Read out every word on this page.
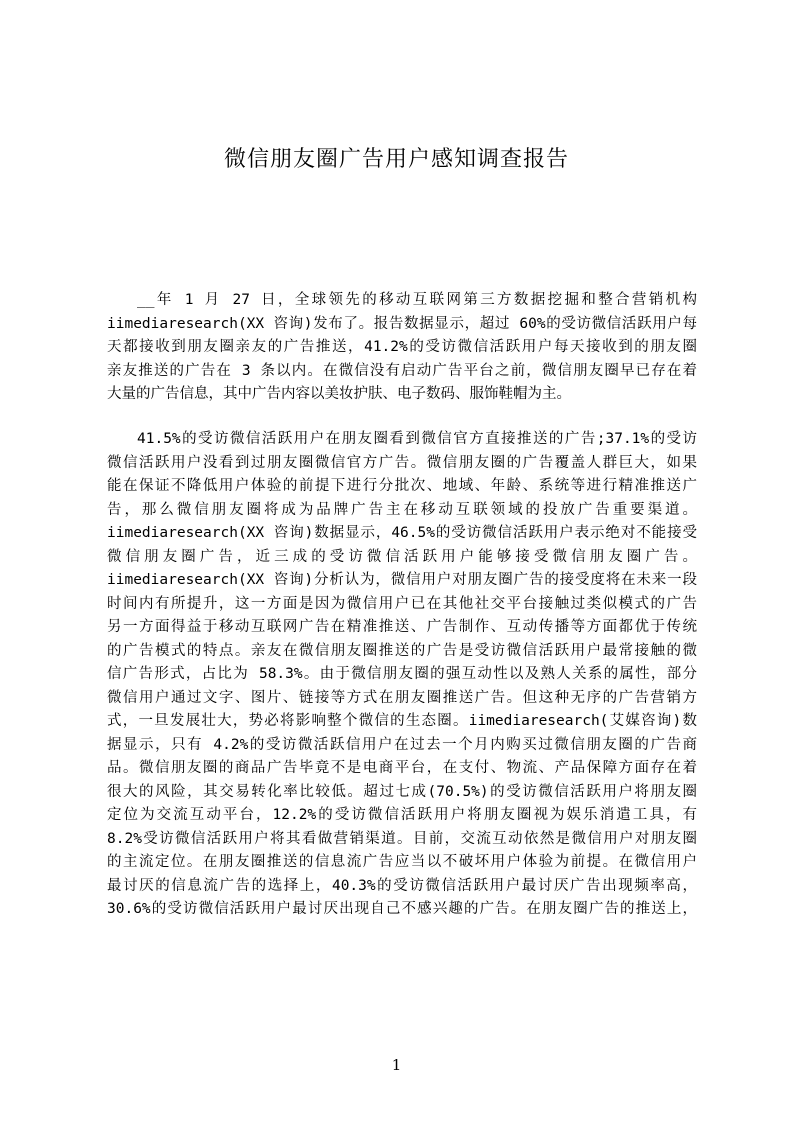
微信朋友圈广告用户感知调查报告
__年 1 月 27 日，全球领先的移动互联网第三方数据挖掘和整合营销机构
iimediaresearch(XX 咨询)发布了。报告数据显示，超过 60%的受访微信活跃用户每
天都接收到朋友圈亲友的广告推送，41.2%的受访微信活跃用户每天接收到的朋友圈
亲友推送的广告在 3 条以内。在微信没有启动广告平台之前，微信朋友圈早已存在着
大量的广告信息，其中广告内容以美妆护肤、电子数码、服饰鞋帽为主。
41.5%的受访微信活跃用户在朋友圈看到微信官方直接推送的广告;37.1%的受访
微信活跃用户没看到过朋友圈微信官方广告。微信朋友圈的广告覆盖人群巨大，如果
能在保证不降低用户体验的前提下进行分批次、地域、年龄、系统等进行精准推送广
告，那么微信朋友圈将成为品牌广告主在移动互联领域的投放广告重要渠道。
iimediaresearch(XX 咨询)数据显示，46.5%的受访微信活跃用户表示绝对不能接受
微信朋友圈广告，近三成的受访微信活跃用户能够接受微信朋友圈广告。
iimediaresearch(XX 咨询)分析认为，微信用户对朋友圈广告的接受度将在未来一段
时间内有所提升，这一方面是因为微信用户已在其他社交平台接触过类似模式的广告
另一方面得益于移动互联网广告在精准推送、广告制作、互动传播等方面都优于传统
的广告模式的特点。亲友在微信朋友圈推送的广告是受访微信活跃用户最常接触的微
信广告形式，占比为 58.3%。由于微信朋友圈的强互动性以及熟人关系的属性，部分
微信用户通过文字、图片、链接等方式在朋友圈推送广告。但这种无序的广告营销方
式，一旦发展壮大，势必将影响整个微信的生态圈。iimediaresearch(艾媒咨询)数
据显示，只有 4.2%的受访微活跃信用户在过去一个月内购买过微信朋友圈的广告商
品。微信朋友圈的商品广告毕竟不是电商平台，在支付、物流、产品保障方面存在着
很大的风险，其交易转化率比较低。超过七成(70.5%)的受访微信活跃用户将朋友圈
定位为交流互动平台，12.2%的受访微信活跃用户将朋友圈视为娱乐消遣工具，有
8.2%受访微信活跃用户将其看做营销渠道。目前，交流互动依然是微信用户对朋友圈
的主流定位。在朋友圈推送的信息流广告应当以不破坏用户体验为前提。在微信用户
最讨厌的信息流广告的选择上，40.3%的受访微信活跃用户最讨厌广告出现频率高，
30.6%的受访微信活跃用户最讨厌出现自己不感兴趣的广告。在朋友圈广告的推送上，
1
